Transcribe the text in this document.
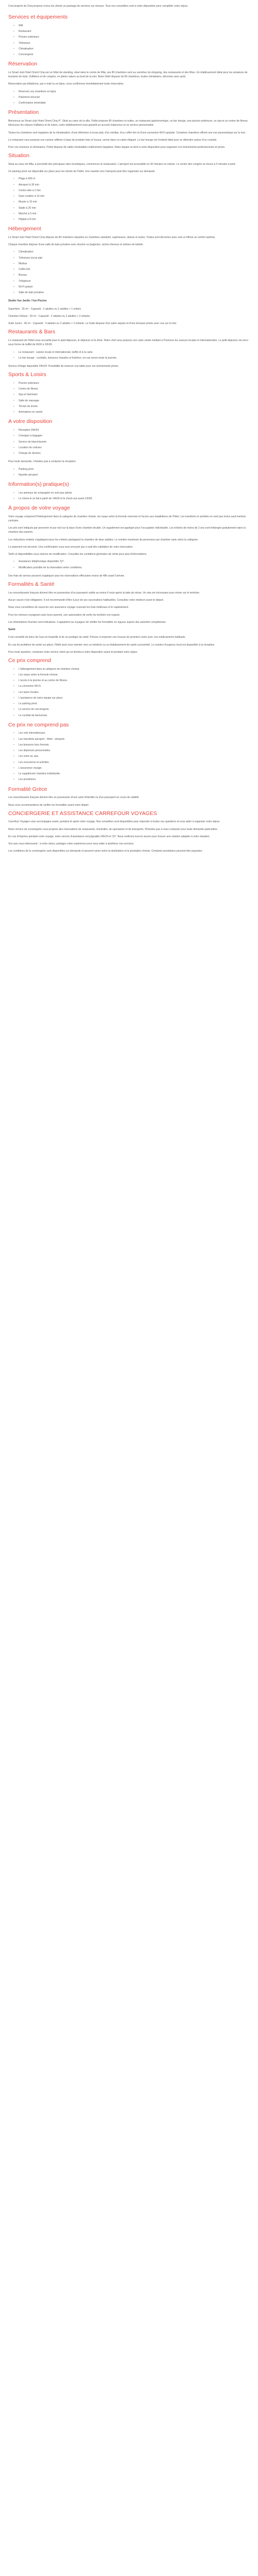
Conciergerie du Cinq propose à tous les clients un package de services sur mesure. Tous nos conseillers sont à votre disposition pour compléter votre séjour.

Services et équipements
• Wifi
• Restaurant
• Piscine extérieure
• Télévision
• Climatisation
• Conciergerie
Réservation

Le Smart club Hotel Orient Cinq est un hôtel de standing, situé dans le centre de Mila, ses 80 chambres sont au carrefour du shopping, des restaurants et des fêtes. Un établissement idéal pour les amateurs de tourisme de loisir, d'affaires et de congrès, en pleine nature au bord de la mer. Notre hôtel dispose de 80 chambres, toutes climatisées, décorées avec goût.

Réservation par téléphone, par e-mail ou en ligne, nous confirmons immédiatement toute réservation.

• Réservez vos chambres en ligne
• Paiement sécurisé
• Confirmation immédiate
Présentation

Bienvenue au Smart club Hotel Orient Cinq 4*. Situé au cœur de la ville, l'hôtel propose 80 chambres et suites, un restaurant gastronomique, un bar lounge, une piscine extérieure, un spa et un centre de fitness. Idéal pour les séjours d'affaires et de loisirs, notre établissement vous garantit un accueil chaleureux et un service personnalisé.

Toutes les chambres sont équipées de la climatisation, d'une télévision à écran plat, d'un minibar, d'un coffre-fort et d'une connexion Wi-Fi gratuite. Certaines chambres offrent une vue panoramique sur la mer.

Le restaurant vous propose une cuisine raffinée à base de produits frais et locaux, servie dans un cadre élégant. Le bar lounge est l'endroit idéal pour se détendre autour d'un cocktail.

Pour vos réunions et séminaires, l'hôtel dispose de salles modulables entièrement équipées. Notre équipe se tient à votre disposition pour organiser vos événements professionnels et privés.

Situation

Situé au cœur de Mila, à proximité des principaux sites touristiques, commerces et restaurants. L'aéroport est accessible en 30 minutes en voiture. Le centre des congrès se trouve à 5 minutes à pied.

Un parking privé est disponible sur place pour les clients de l'hôtel. Une navette vers l'aéroport peut être organisée sur demande.

• Plage à 500 m
• Aéroport à 30 min
• Centre-ville à 2 min
• Gare routière à 10 min
• Musée à 15 min
• Stade à 20 min
• Marché à 5 min
• Hôpital à 8 min
Hébergement

Le Smart club Hotel Orient Cinq dispose de 80 chambres réparties en chambres standard, supérieures, deluxe et suites. Toutes sont décorées avec soin et offrent un confort optimal.

Chaque chambre dispose d'une salle de bain privative avec douche ou baignoire, sèche-cheveux et articles de toilette.

• Climatisation
• Télévision écran plat
• Minibar
• Coffre-fort
• Bureau
• Téléphone
• Wi-Fi gratuit
• Salle de bain privative
Studio Vue Jardin / Vue Piscine

Superficie : 25 m² - Capacité : 2 adultes ou 2 adultes + 1 enfant.

Chambre Deluxe : 30 m² - Capacité : 2 adultes ou 2 adultes + 2 enfants.

Suite Junior : 45 m² - Capacité : 3 adultes ou 2 adultes + 2 enfants. La Suite dispose d'un salon séparé et d'une terrasse privée avec vue sur la mer.

Restaurants & Bars

Le restaurant de l'hôtel vous accueille pour le petit-déjeuner, le déjeuner et le dîner. Notre chef vous propose une carte variée mettant à l'honneur les saveurs locales et internationales. Le petit-déjeuner est servi sous forme de buffet de 6h30 à 10h30.

• Le restaurant : cuisine locale et internationale, buffet et à la carte.
• Le bar lounge : cocktails, boissons chaudes et fraîches, en-cas servis toute la journée.

Service d'étage disponible 24h/24. Possibilité de réserver une table pour vos événements privés.

Sports & Loisirs
• Piscine extérieure
• Centre de fitness
• Spa et hammam
• Salle de massage
• Terrain de tennis
• Animations en soirée
A votre disposition
• Réception 24h/24
• Consigne à bagages
• Service de blanchisserie
• Location de voitures
• Change de devises

Pour toute demande, n'hésitez pas à contacter la réception.

• Parking privé
• Navette aéroport
Information(s) pratique(s)
• Les animaux de compagnie ne sont pas admis.
• Le check-in se fait à partir de 14h00 et le check-out avant 12h00.
À propos de votre voyage

Votre voyage comprend l'hébergement dans la catégorie de chambre choisie, les repas selon la formule réservée et l'accès aux installations de l'hôtel. Les transferts et activités ne sont pas inclus sauf mention contraire.

Les prix sont indiqués par personne et par nuit sur la base d'une chambre double. Un supplément est appliqué pour l'occupation individuelle. Les enfants de moins de 2 ans sont hébergés gratuitement dans la chambre des parents.

Les réductions enfants s'appliquent pour les enfants partageant la chambre de deux adultes. Le nombre maximum de personnes par chambre varie selon la catégorie.

Le paiement est sécurisé. Une confirmation vous sera envoyée par e-mail dès validation de votre réservation.

Tarifs et disponibilités sous réserve de modification. Consultez les conditions générales de vente pour plus d'informations.

• Assistance téléphonique disponible 7j/7.
• Modification possible de la réservation selon conditions.

Des frais de service peuvent s'appliquer pour les réservations effectuées moins de 48h avant l'arrivée.

Formalités & Santé

Les ressortissants français doivent être en possession d'un passeport valide au moins 6 mois après la date de retour. Un visa est nécessaire pour entrer sur le territoire.

Aucun vaccin n'est obligatoire. Il est recommandé d'être à jour de ses vaccinations habituelles. Consultez votre médecin avant le départ.

Nous vous conseillons de souscrire une assurance voyage couvrant les frais médicaux et le rapatriement.

Pour les mineurs voyageant sans leurs parents, une autorisation de sortie du territoire est requise.

Les informations fournies sont indicatives. Il appartient au voyageur de vérifier les formalités en vigueur auprès des autorités compétentes.

Santé

Il est conseillé de boire de l'eau en bouteille et de se protéger du soleil. Pensez à emporter une trousse de premiers soins avec vos médicaments habituels.

En cas de problème de santé sur place, l'hôtel peut vous orienter vers un médecin ou un établissement de santé à proximité. Le numéro d'urgence local est disponible à la réception.

Pour toute question, contactez notre service client qui se tiendra à votre disposition avant et pendant votre séjour.

Ce prix comprend
• L'hébergement dans la catégorie de chambre choisie.
• Les repas selon la formule choisie.
• L'accès à la piscine et au centre de fitness.
• La connexion Wi-Fi.
• Les taxes locales.
• L'assistance de notre équipe sur place.
• Le parking privé.
• Le service de conciergerie.
• Le cocktail de bienvenue.
Ce prix ne comprend pas
• Les vols internationaux.
• Les transferts aéroport - hôtel - aéroport.
• Les boissons hors formule.
• Les dépenses personnelles.
• Les soins au spa.
• Les excursions et activités.
• L'assurance voyage.
• Le supplément chambre individuelle.
• Les pourboires.
Formalité Grèce

Les ressortissants français doivent être en possession d'une carte d'identité ou d'un passeport en cours de validité.

Nous vous recommandons de vérifier les formalités avant votre départ.

CONCIERGERIE ET ASSISTANCE CARREFOUR VOYAGES

Carrefour Voyages vous accompagne avant, pendant et après votre voyage. Nos conseillers sont disponibles pour répondre à toutes vos questions et vous aider à organiser votre séjour.

Notre service de conciergerie vous propose des réservations de restaurants, d'activités, de spectacles et de transports. N'hésitez pas à nous contacter pour toute demande particulière.

En cas d'imprévu pendant votre voyage, notre service d'assistance est joignable 24h/24 et 7j/7. Nous mettrons tout en œuvre pour trouver une solution adaptée à votre situation.

Vos avis nous intéressent : à votre retour, partagez votre expérience pour nous aider à améliorer nos services.

Les conditions de la conciergerie sont disponibles sur demande et peuvent varier selon la destination et la prestation choisie. Certaines prestations peuvent être payantes.
